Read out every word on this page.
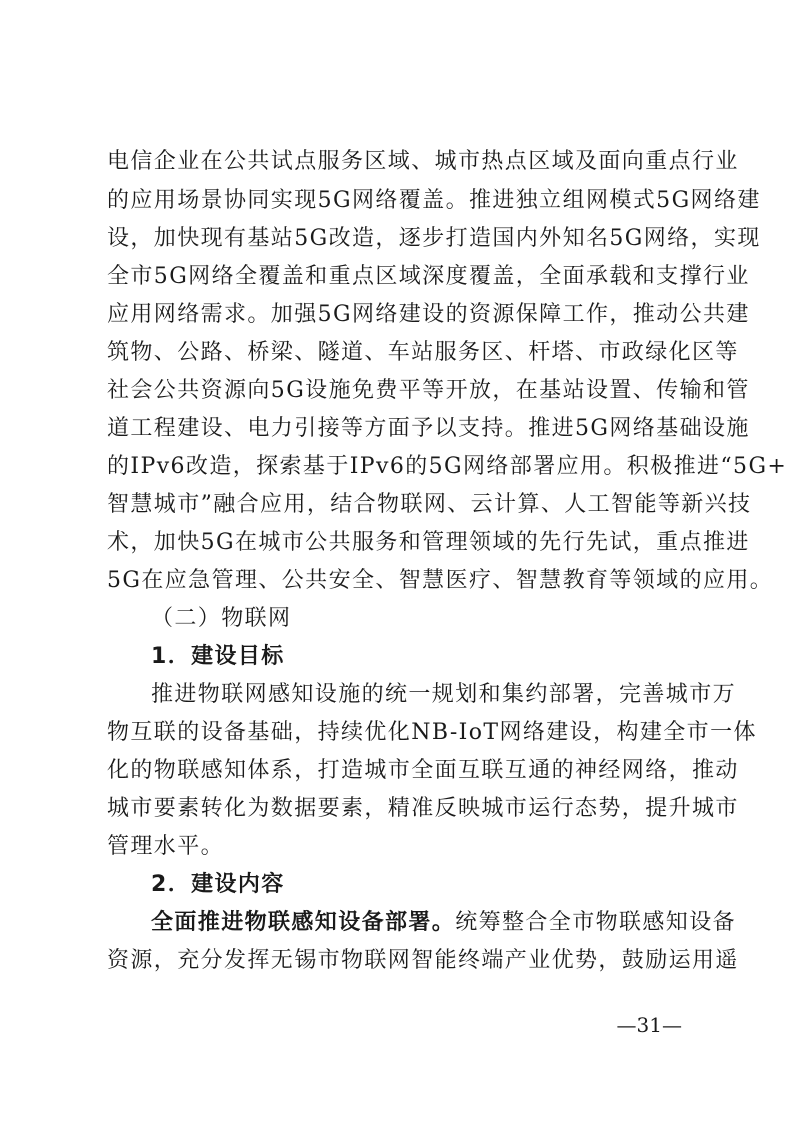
电信企业在公共试点服务区域、城市热点区域及面向重点行业
的应用场景协同实现5G网络覆盖。推进独立组网模式5G网络建
设，加快现有基站5G改造，逐步打造国内外知名5G网络，实现
全市5G网络全覆盖和重点区域深度覆盖，全面承载和支撑行业
应用网络需求。加强5G网络建设的资源保障工作，推动公共建
筑物、公路、桥梁、隧道、车站服务区、杆塔、市政绿化区等
社会公共资源向5G设施免费平等开放，在基站设置、传输和管
道工程建设、电力引接等方面予以支持。推进5G网络基础设施
的IPv6改造，探索基于IPv6的5G网络部署应用。积极推进“5G+
智慧城市”融合应用，结合物联网、云计算、人工智能等新兴技
术，加快5G在城市公共服务和管理领域的先行先试，重点推进
5G在应急管理、公共安全、智慧医疗、智慧教育等领域的应用。
（二）物联网
1．建设目标
推进物联网感知设施的统一规划和集约部署，完善城市万
物互联的设备基础，持续优化NB-IoT网络建设，构建全市一体
化的物联感知体系，打造城市全面互联互通的神经网络，推动
城市要素转化为数据要素，精准反映城市运行态势，提升城市
管理水平。
2．建设内容
全面推进物联感知设备部署。统筹整合全市物联感知设备
资源，充分发挥无锡市物联网智能终端产业优势，鼓励运用遥
—31—
